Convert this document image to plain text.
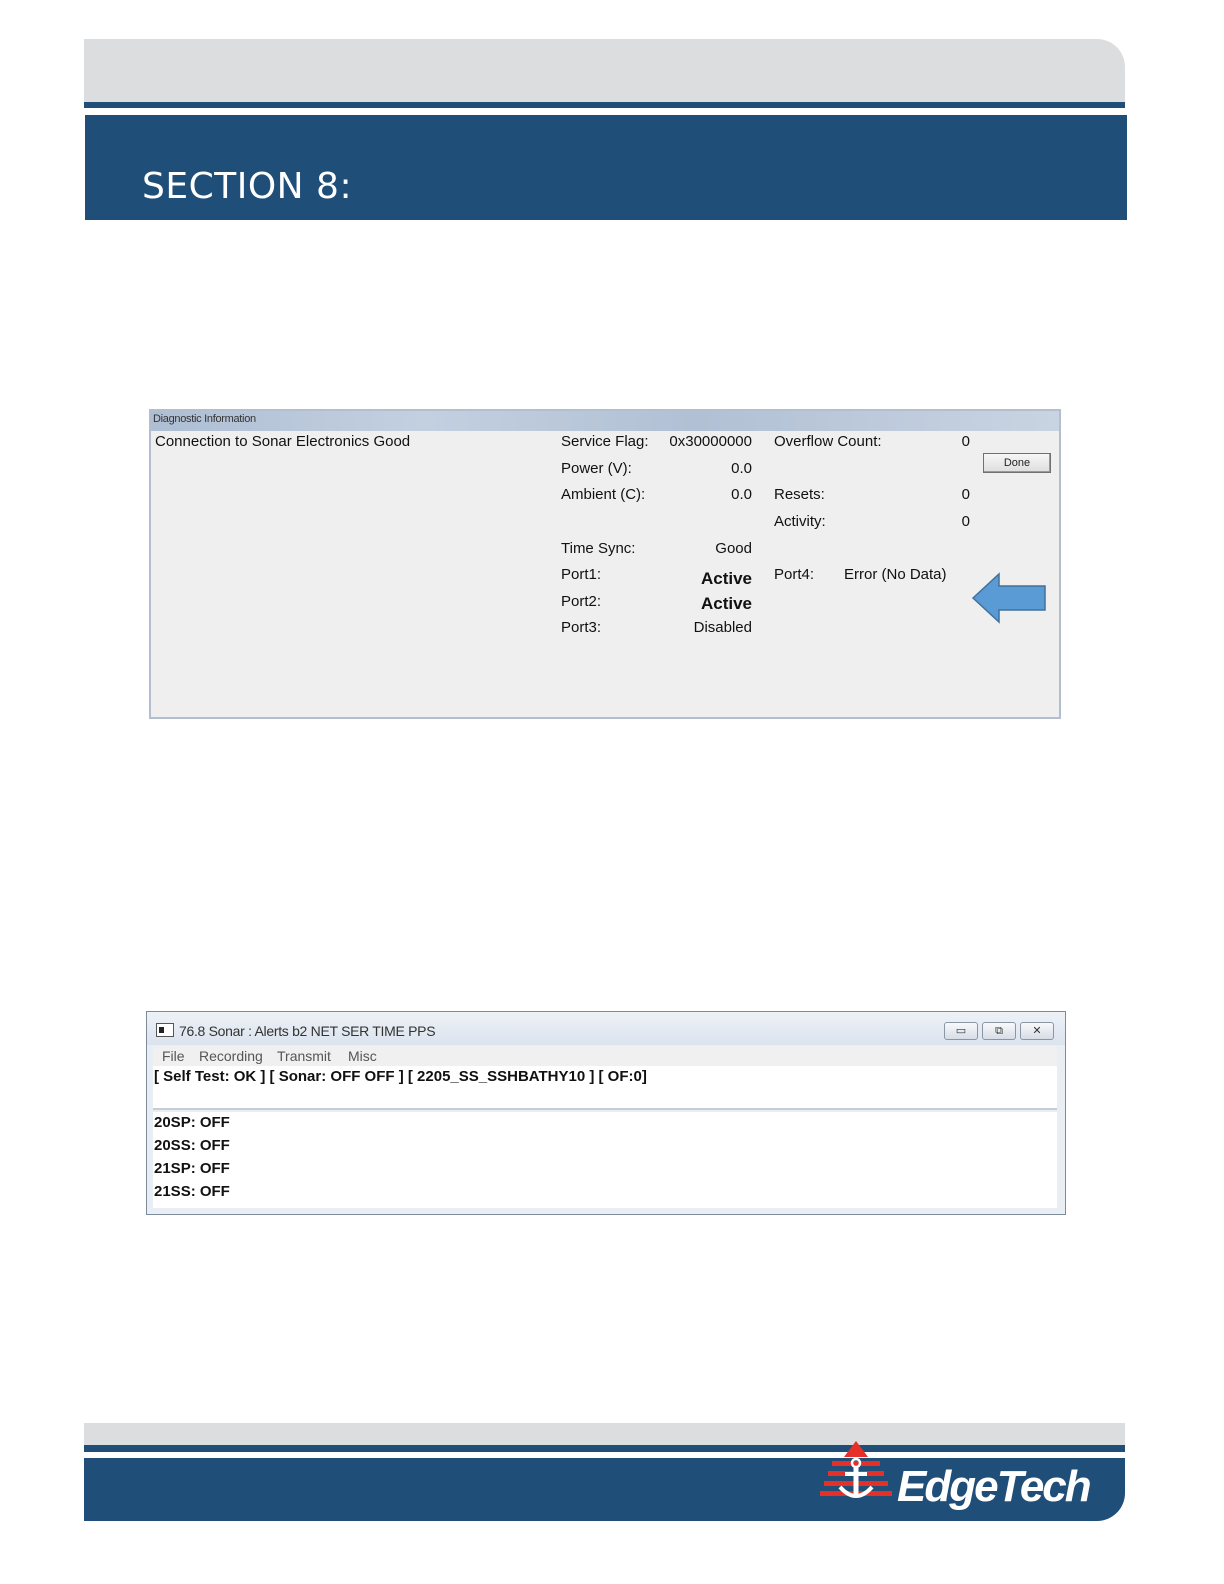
SECTION 8:
Diagnostic Information
Connection to Sonar Electronics Good	Service Flag:	0x30000000
Power (V):	0.0
Ambient (C):	0.0
Time Sync:	Good
Port1:	Active
Port2:	Active
Port3:	Disabled
Overflow Count:	0
Resets:	0
Activity:	0
Port4: Error (No Data)
Done
76.8 Sonar : Alerts b2 NET SER TIME PPS	▭	⧉	✕
File Recording Transmit Misc
[ Self Test: OK ] [ Sonar: OFF OFF ] [ 2205_SS_SSHBATHY10 ] [ OF:0]
20SP: OFF
20SS: OFF
21SP: OFF
21SS: OFF
EdgeTech
